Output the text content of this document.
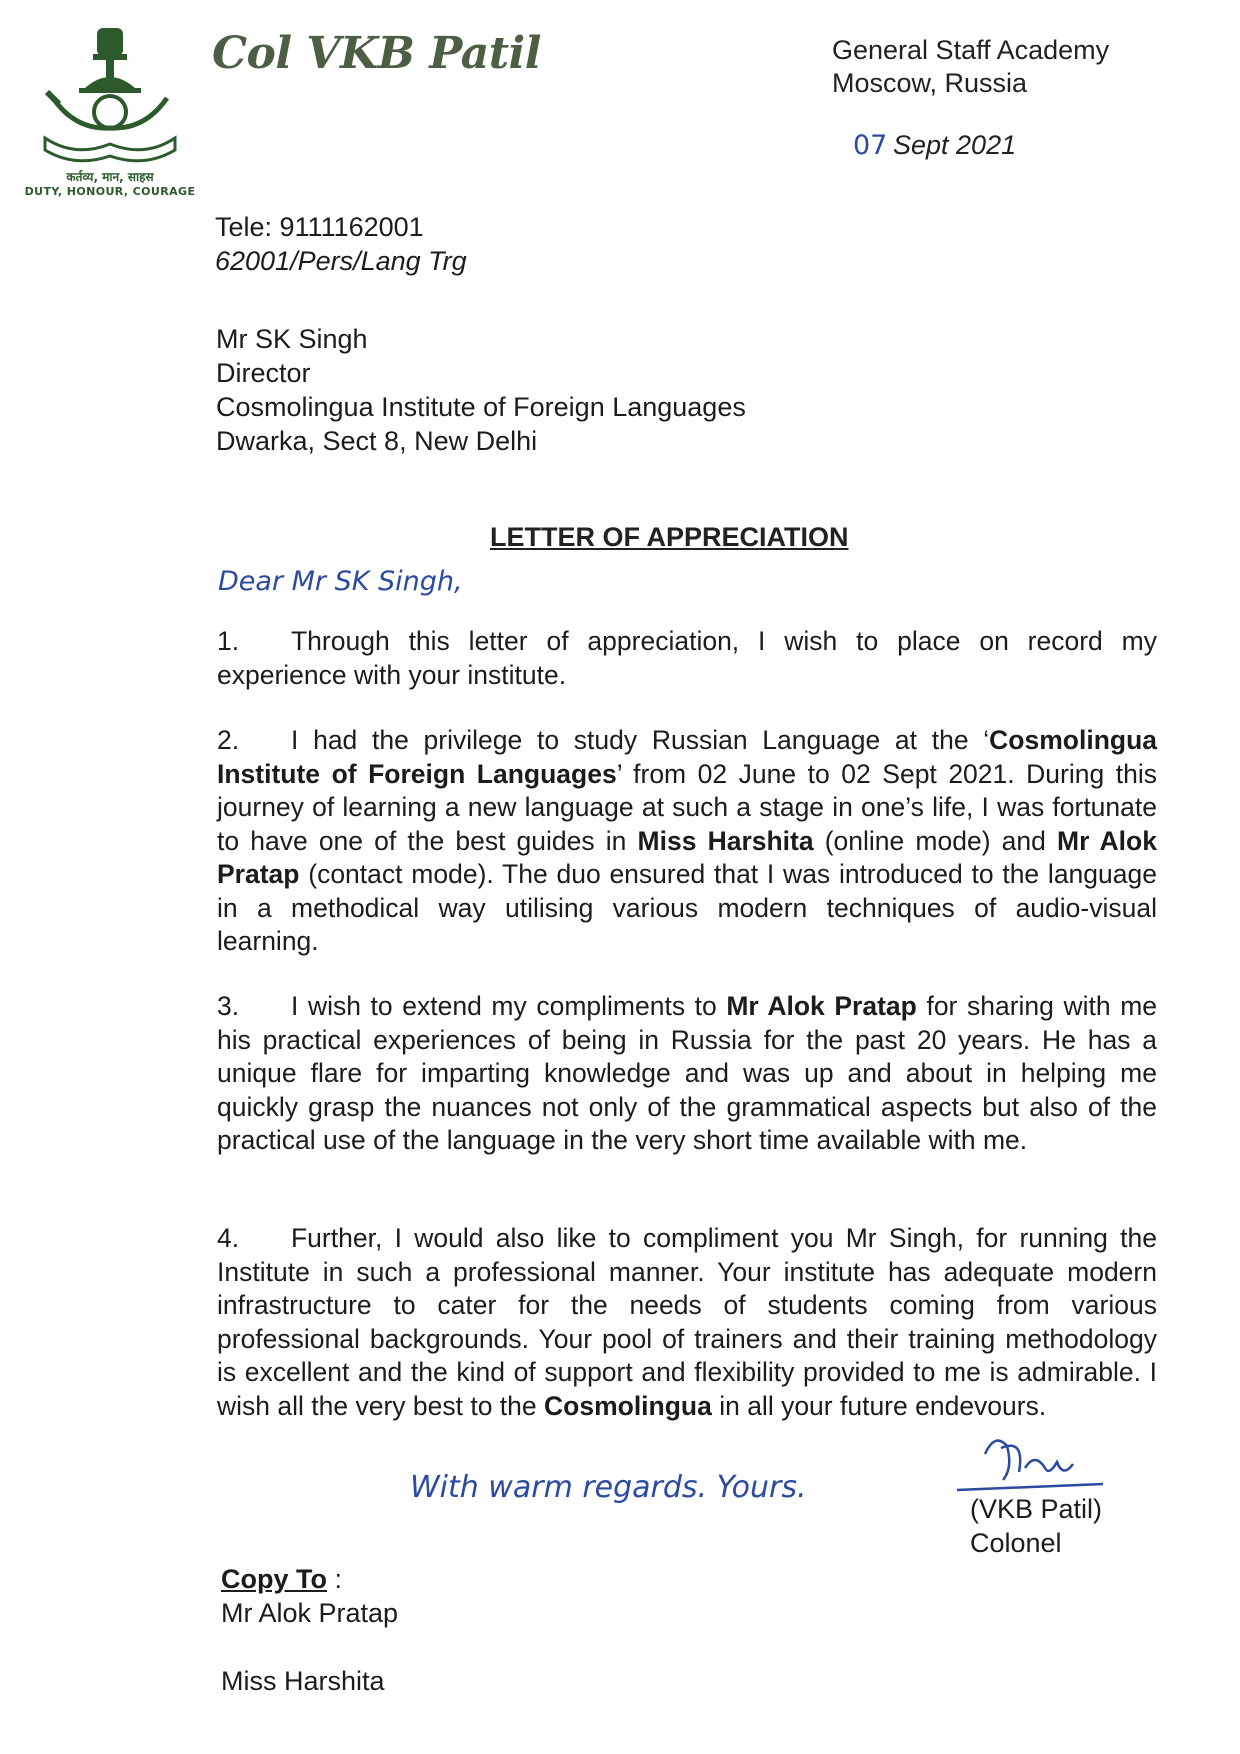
कर्तव्य, मान, साहस
DUTY, HONOUR, COURAGE
Col VKB Patil	General Staff Academy
Moscow, Russia
07 Sept 2021
Tele: 9111162001
62001/Pers/Lang Trg
Mr SK Singh
Director
Cosmolingua Institute of Foreign Languages
Dwarka, Sect 8, New Delhi
LETTER OF APPRECIATION
Dear Mr SK Singh,
1. Through this letter of appreciation, I wish to place on record my experience with your institute.
2. I had the privilege to study Russian Language at the ‘Cosmolingua Institute of Foreign Languages’ from 02 June to 02 Sept 2021. During this journey of learning a new language at such a stage in one’s life, I was fortunate to have one of the best guides in Miss Harshita (online mode) and Mr Alok Pratap (contact mode). The duo ensured that I was introduced to the language in a methodical way utilising various modern techniques of audio-visual learning.
3. I wish to extend my compliments to Mr Alok Pratap for sharing with me his practical experiences of being in Russia for the past 20 years. He has a unique flare for imparting knowledge and was up and about in helping me quickly grasp the nuances not only of the grammatical aspects but also of the practical use of the language in the very short time available with me.
4. Further, I would also like to compliment you Mr Singh, for running the Institute in such a professional manner. Your institute has adequate modern infrastructure to cater for the needs of students coming from various professional backgrounds. Your pool of trainers and their training methodology is excellent and the kind of support and flexibility provided to me is admirable. I wish all the very best to the Cosmolingua in all your future endevours.
With warm regards. Yours.
(VKB Patil)
Colonel
Copy To :
Mr Alok Pratap
Miss Harshita
